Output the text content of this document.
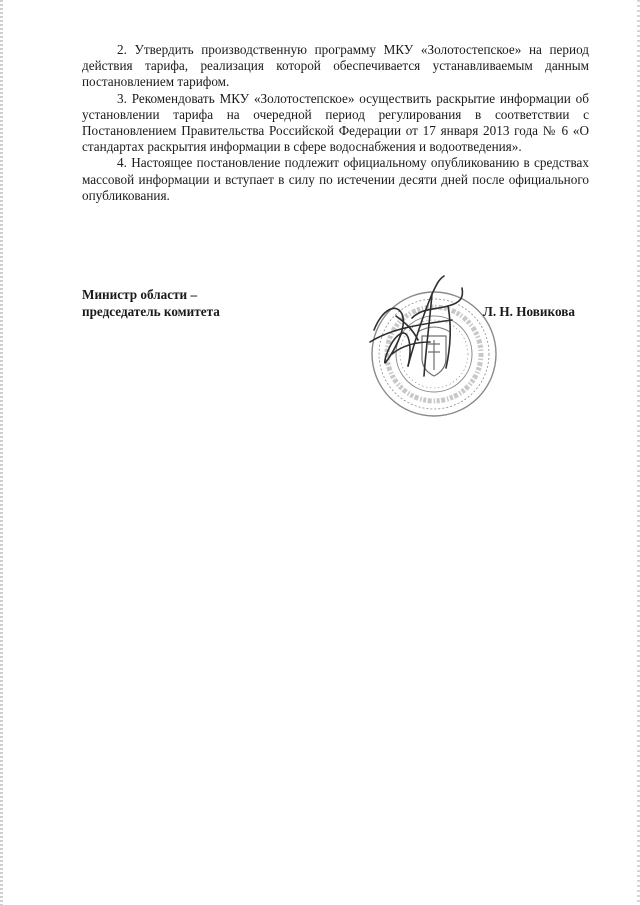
2. Утвердить производственную программу МКУ «Золотостепское» на период действия тарифа, реализация которой обеспечивается устанавливаемым данным постановлением тарифом.

3. Рекомендовать МКУ «Золотостепское» осуществить раскрытие информации об установлении тарифа на очередной период регулирования в соответствии с Постановлением Правительства Российской Федерации от 17 января 2013 года № 6 «О стандартах раскрытия информации в сфере водоснабжения и водоотведения».

4. Настоящее постановление подлежит официальному опубликованию в средствах массовой информации и вступает в силу по истечении десяти дней после официального опубликования.

Министр области –
председатель комитета	Л. Н. Новикова
